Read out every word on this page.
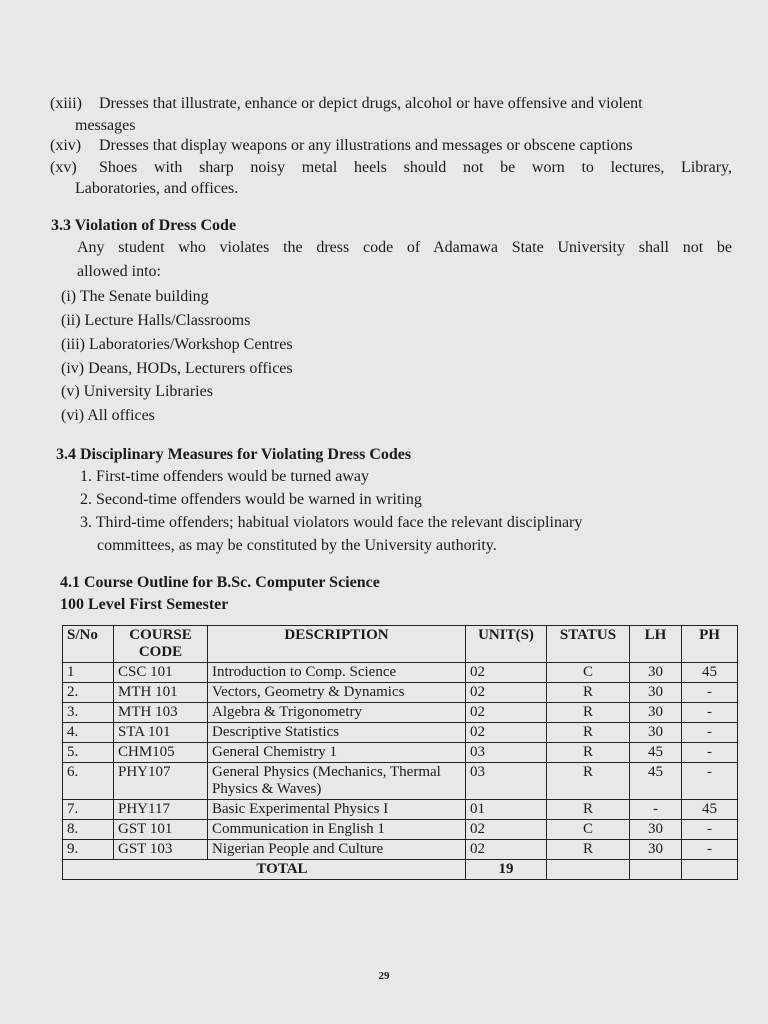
(xiii) Dresses that illustrate, enhance or depict drugs, alcohol or have offensive and violent
messages
(xiv) Dresses that display weapons or any illustrations and messages or obscene captions
(xv) Shoes with sharp noisy metal heels should not be worn to lectures, Library,
Laboratories, and offices.
3.3 Violation of Dress Code
Any student who violates the dress code of Adamawa State University shall not be
allowed into:
(i) The Senate building
(ii) Lecture Halls/Classrooms
(iii) Laboratories/Workshop Centres
(iv) Deans, HODs, Lecturers offices
(v) University Libraries
(vi) All offices
3.4 Disciplinary Measures for Violating Dress Codes
1. First-time offenders would be turned away
2. Second-time offenders would be warned in writing
3. Third-time offenders; habitual violators would face the relevant disciplinary
committees, as may be constituted by the University authority.
4.1 Course Outline for B.Sc. Computer Science
100 Level First Semester
S/No	COURSE CODE	DESCRIPTION	UNIT(S)	STATUS	LH	PH
1	CSC 101	Introduction to Comp. Science	02	C	30	45
2.	MTH 101	Vectors, Geometry & Dynamics	02	R	30	-
3.	MTH 103	Algebra & Trigonometry	02	R	30	-
4.	STA 101	Descriptive Statistics	02	R	30	-
5.	CHM105	General Chemistry 1	03	R	45	-
6.	PHY107	General Physics (Mechanics, Thermal Physics & Waves)	03	R	45	-
7.	PHY117	Basic Experimental Physics I	01	R	-	45
8.	GST 101	Communication in English 1	02	C	30	-
9.	GST 103	Nigerian People and Culture	02	R	30	-
TOTAL			19			
29
